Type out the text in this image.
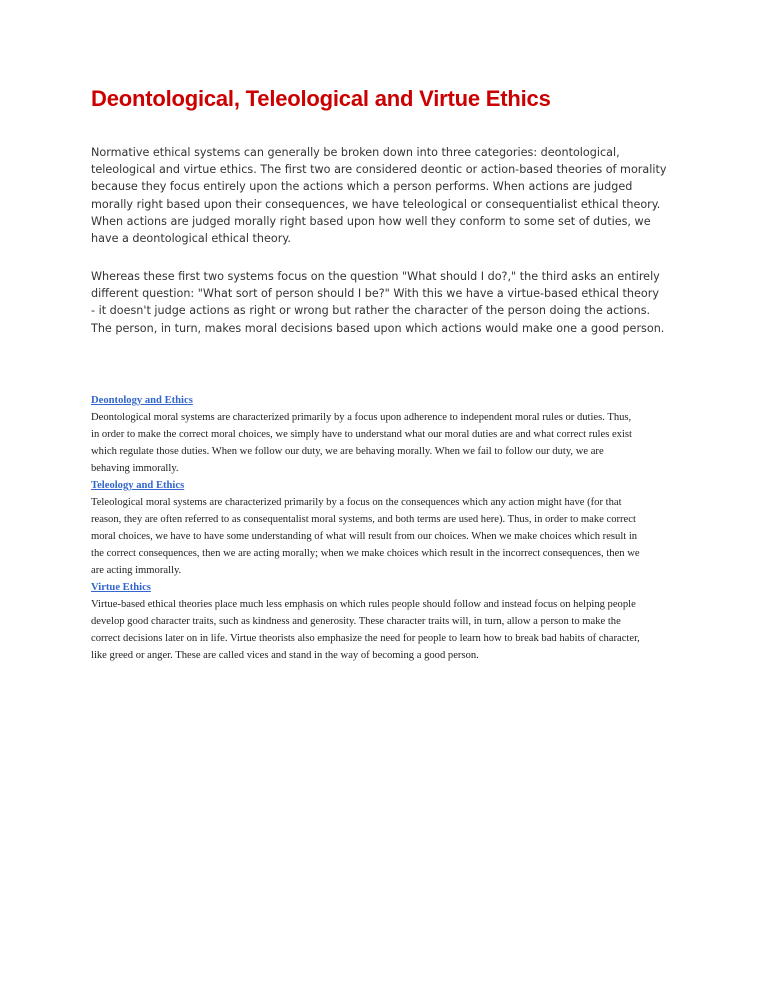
Deontological, Teleological and Virtue Ethics

Normative ethical systems can generally be broken down into three categories: deontological,
teleological and virtue ethics. The first two are considered deontic or action-based theories of morality
because they focus entirely upon the actions which a person performs. When actions are judged
morally right based upon their consequences, we have teleological or consequentialist ethical theory.
When actions are judged morally right based upon how well they conform to some set of duties, we
have a deontological ethical theory.

Whereas these first two systems focus on the question "What should I do?," the third asks an entirely
different question: "What sort of person should I be?" With this we have a virtue-based ethical theory
- it doesn't judge actions as right or wrong but rather the character of the person doing the actions.
The person, in turn, makes moral decisions based upon which actions would make one a good person.

Deontology and Ethics
Deontological moral systems are characterized primarily by a focus upon adherence to independent moral rules or duties. Thus,
in order to make the correct moral choices, we simply have to understand what our moral duties are and what correct rules exist
which regulate those duties. When we follow our duty, we are behaving morally. When we fail to follow our duty, we are
behaving immorally.
Teleology and Ethics
Teleological moral systems are characterized primarily by a focus on the consequences which any action might have (for that
reason, they are often referred to as consequentalist moral systems, and both terms are used here). Thus, in order to make correct
moral choices, we have to have some understanding of what will result from our choices. When we make choices which result in
the correct consequences, then we are acting morally; when we make choices which result in the incorrect consequences, then we
are acting immorally.
Virtue Ethics
Virtue-based ethical theories place much less emphasis on which rules people should follow and instead focus on helping people
develop good character traits, such as kindness and generosity. These character traits will, in turn, allow a person to make the
correct decisions later on in life. Virtue theorists also emphasize the need for people to learn how to break bad habits of character,
like greed or anger. These are called vices and stand in the way of becoming a good person.
